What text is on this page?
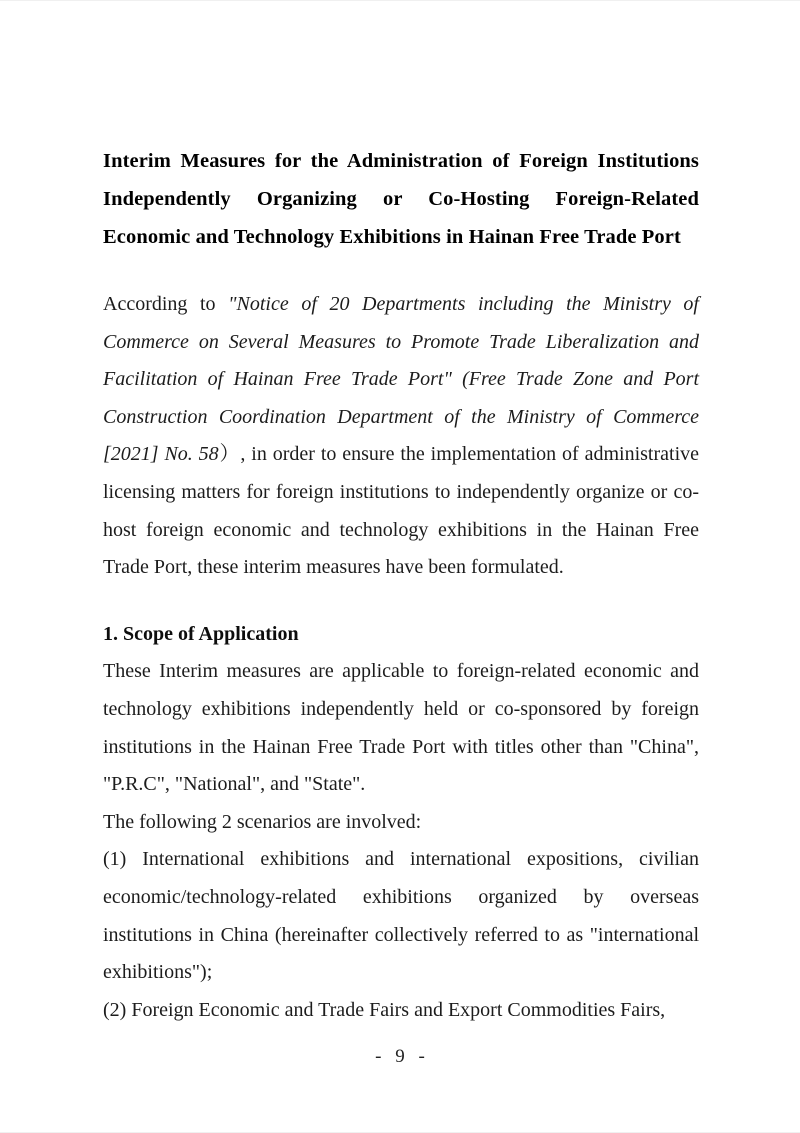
Interim Measures for the Administration of Foreign Institutions Independently Organizing or Co-Hosting Foreign-Related Economic and Technology Exhibitions in Hainan Free Trade Port

According to "Notice of 20 Departments including the Ministry of Commerce on Several Measures to Promote Trade Liberalization and Facilitation of Hainan Free Trade Port" (Free Trade Zone and Port Construction Coordination Department of the Ministry of Commerce [2021] No. 58）, in order to ensure the implementation of administrative licensing matters for foreign institutions to independently organize or co-host foreign economic and technology exhibitions in the Hainan Free Trade Port, these interim measures have been formulated.

1. Scope of Application

These Interim measures are applicable to foreign-related economic and technology exhibitions independently held or co-sponsored by foreign institutions in the Hainan Free Trade Port with titles other than "China", "P.R.C", "National", and "State".

The following 2 scenarios are involved:

(1) International exhibitions and international expositions, civilian economic/technology-related exhibitions organized by overseas institutions in China (hereinafter collectively referred to as "international exhibitions");

(2) Foreign Economic and Trade Fairs and Export Commodities Fairs,

- 9 -
